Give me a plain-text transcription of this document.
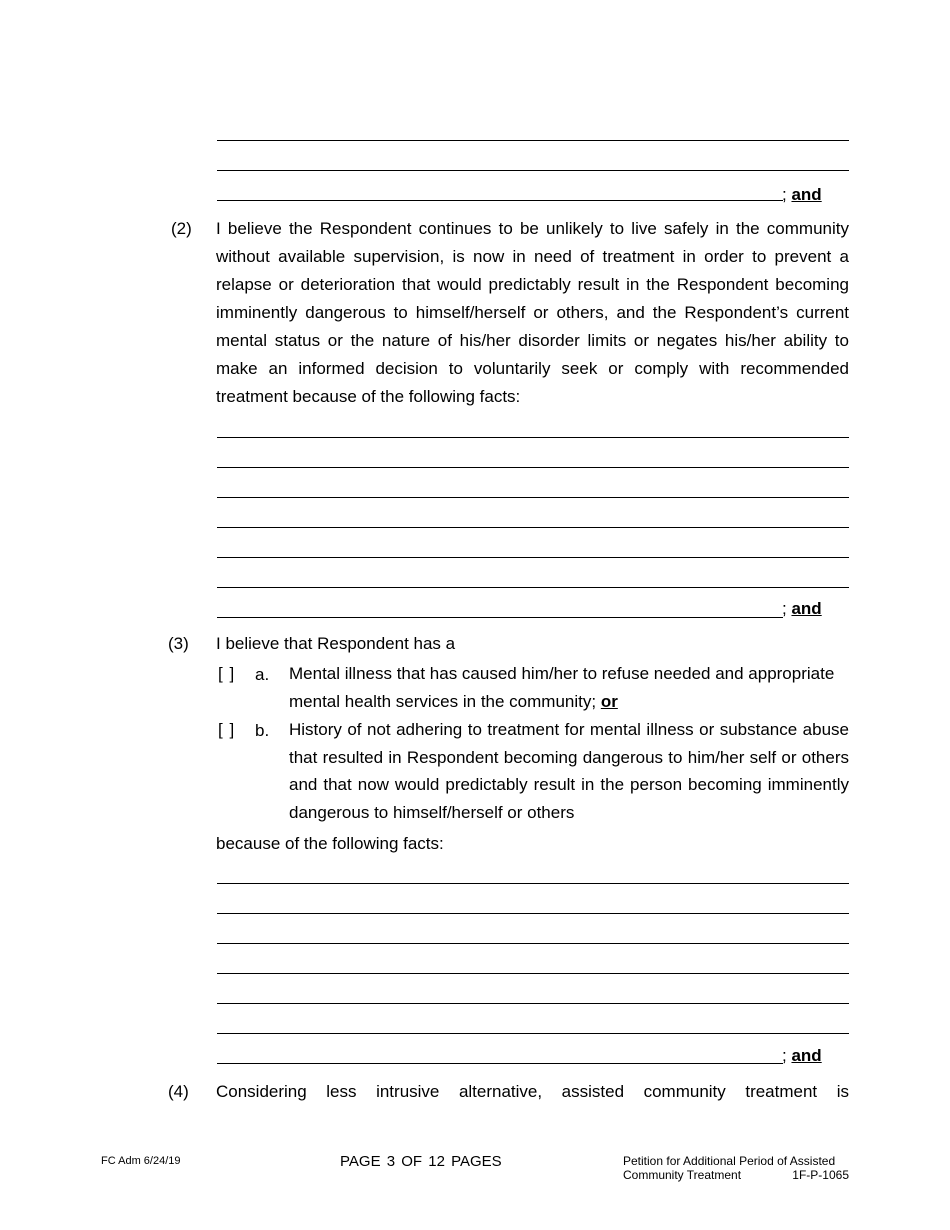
; and
(2) I believe the Respondent continues to be unlikely to live safely in the community without available supervision, is now in need of treatment in order to prevent a relapse or deterioration that would predictably result in the Respondent becoming imminently dangerous to himself/herself or others, and the Respondent’s current mental status or the nature of his/her disorder limits or negates his/her ability to make an informed decision to voluntarily seek or comply with recommended treatment because of the following facts:
; and
(3) I believe that Respondent has a
[ ] a. Mental illness that has caused him/her to refuse needed and appropriate mental health services in the community; or
[ ] b. History of not adhering to treatment for mental illness or substance abuse that resulted in Respondent becoming dangerous to him/her self or others and that now would predictably result in the person becoming imminently dangerous to himself/herself or others
because of the following facts:
; and
(4) Considering less intrusive alternative, assisted community treatment is
FC Adm 6/24/19	PAGE 3 OF 12 PAGES	Petition for Additional Period of Assisted
Community Treatment	1F-P-1065
